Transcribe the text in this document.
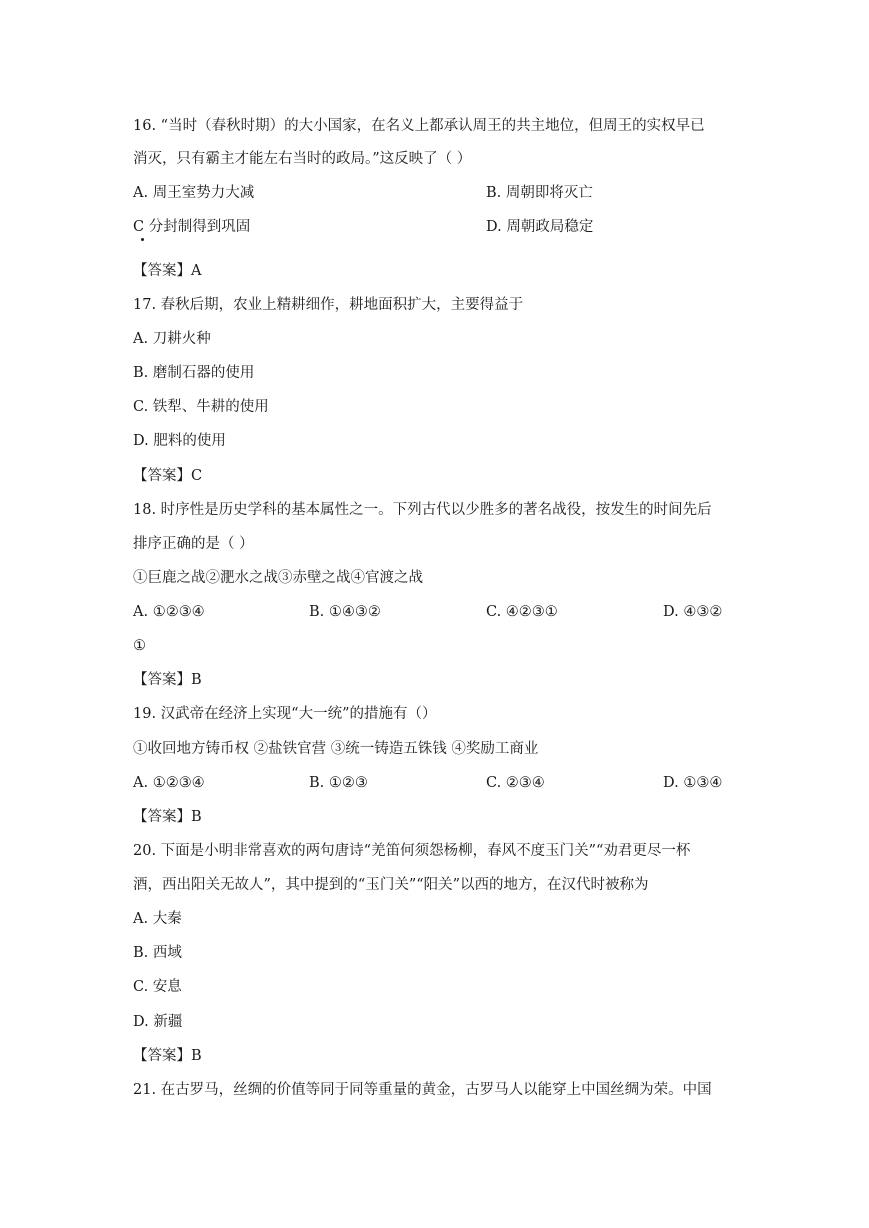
16. “当时（春秋时期）的大小国家，在名义上都承认周王的共主地位，但周王的实权早已
消灭，只有霸主才能左右当时的政局。”这反映了（ ）
A. 周王室势力大减	B. 周朝即将灭亡
C 分封制得到巩固	D. 周朝政局稳定
【答案】A
17. 春秋后期，农业上精耕细作，耕地面积扩大，主要得益于
A. 刀耕火种
B. 磨制石器的使用
C. 铁犁、牛耕的使用
D. 肥料的使用
【答案】C
18. 时序性是历史学科的基本属性之一。下列古代以少胜多的著名战役，按发生的时间先后
排序正确的是（ ）
①巨鹿之战②淝水之战③赤壁之战④官渡之战
A. ①②③④	B. ①④③②	C. ④②③①	D. ④③②
①
【答案】B
19. 汉武帝在经济上实现“大一统”的措施有（）
①收回地方铸币权 ②盐铁官营 ③统一铸造五铢钱 ④奖励工商业
A. ①②③④	B. ①②③	C. ②③④	D. ①③④
【答案】B
20. 下面是小明非常喜欢的两句唐诗“羌笛何须怨杨柳，春风不度玉门关”“劝君更尽一杯
酒，西出阳关无故人”，其中提到的“玉门关”“阳关”以西的地方，在汉代时被称为
A. 大秦
B. 西域
C. 安息
D. 新疆
【答案】B
21. 在古罗马，丝绸的价值等同于同等重量的黄金，古罗马人以能穿上中国丝绸为荣。中国
